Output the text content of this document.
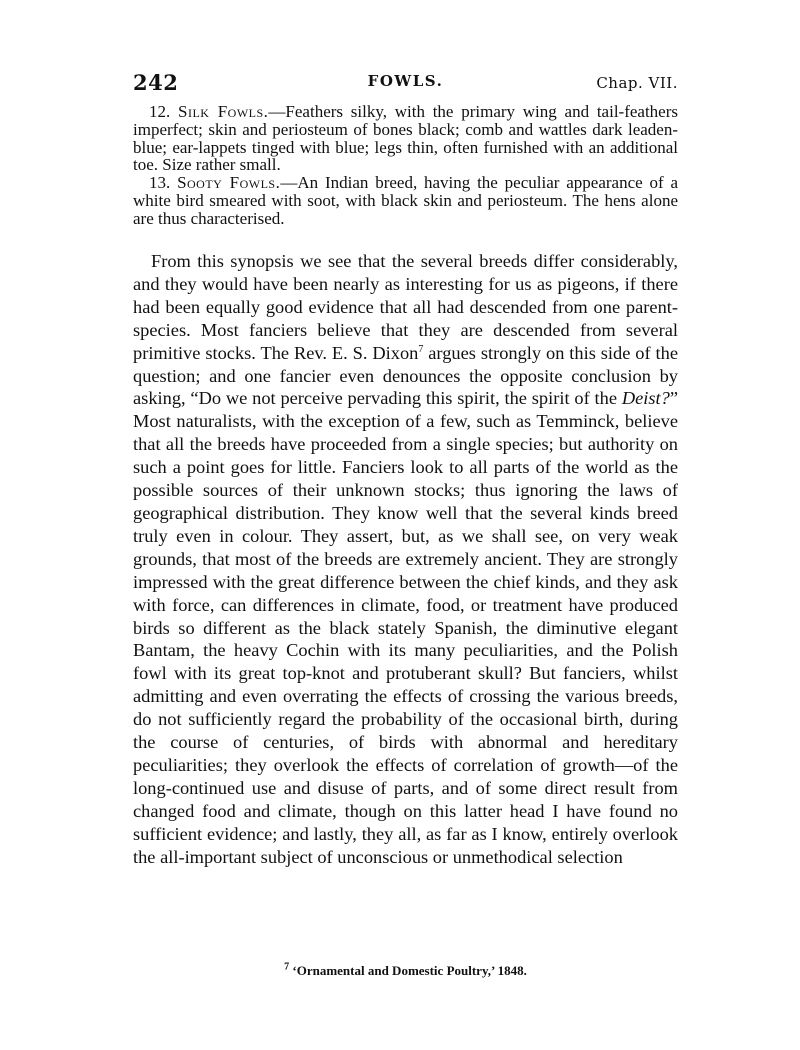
242	FOWLS.	Chap. VII.

12. Silk Fowls.—Feathers silky, with the primary wing and tail-feathers imperfect; skin and periosteum of bones black; comb and wattles dark leaden-blue; ear-lappets tinged with blue; legs thin, often furnished with an additional toe. Size rather small.

13. Sooty Fowls.—An Indian breed, having the peculiar appearance of a white bird smeared with soot, with black skin and periosteum. The hens alone are thus characterised.

From this synopsis we see that the several breeds differ considerably, and they would have been nearly as interesting for us as pigeons, if there had been equally good evidence that all had descended from one parent-species. Most fanciers believe that they are descended from several primitive stocks. The Rev. E. S. Dixon$^7$ argues strongly on this side of the question; and one fancier even denounces the opposite conclusion by asking, “Do we not perceive pervading this spirit, the spirit of the Deist?” Most naturalists, with the exception of a few, such as Temminck, believe that all the breeds have proceeded from a single species; but authority on such a point goes for little. Fanciers look to all parts of the world as the possible sources of their unknown stocks; thus ignoring the laws of geographical distribution. They know well that the several kinds breed truly even in colour. They assert, but, as we shall see, on very weak grounds, that most of the breeds are extremely ancient. They are strongly impressed with the great difference between the chief kinds, and they ask with force, can differences in climate, food, or treatment have produced birds so different as the black stately Spanish, the diminutive elegant Bantam, the heavy Cochin with its many peculiarities, and the Polish fowl with its great top-knot and protuberant skull? But fanciers, whilst admitting and even overrating the effects of crossing the various breeds, do not sufficiently regard the probability of the occasional birth, during the course of centuries, of birds with abnormal and hereditary peculiarities; they overlook the effects of correlation of growth—of the long-continued use and disuse of parts, and of some direct result from changed food and climate, though on this latter head I have found no sufficient evidence; and lastly, they all, as far as I know, entirely overlook the all-important subject of unconscious or unmethodical selection

$^7$ ‘Ornamental and Domestic Poultry,’ 1848.
